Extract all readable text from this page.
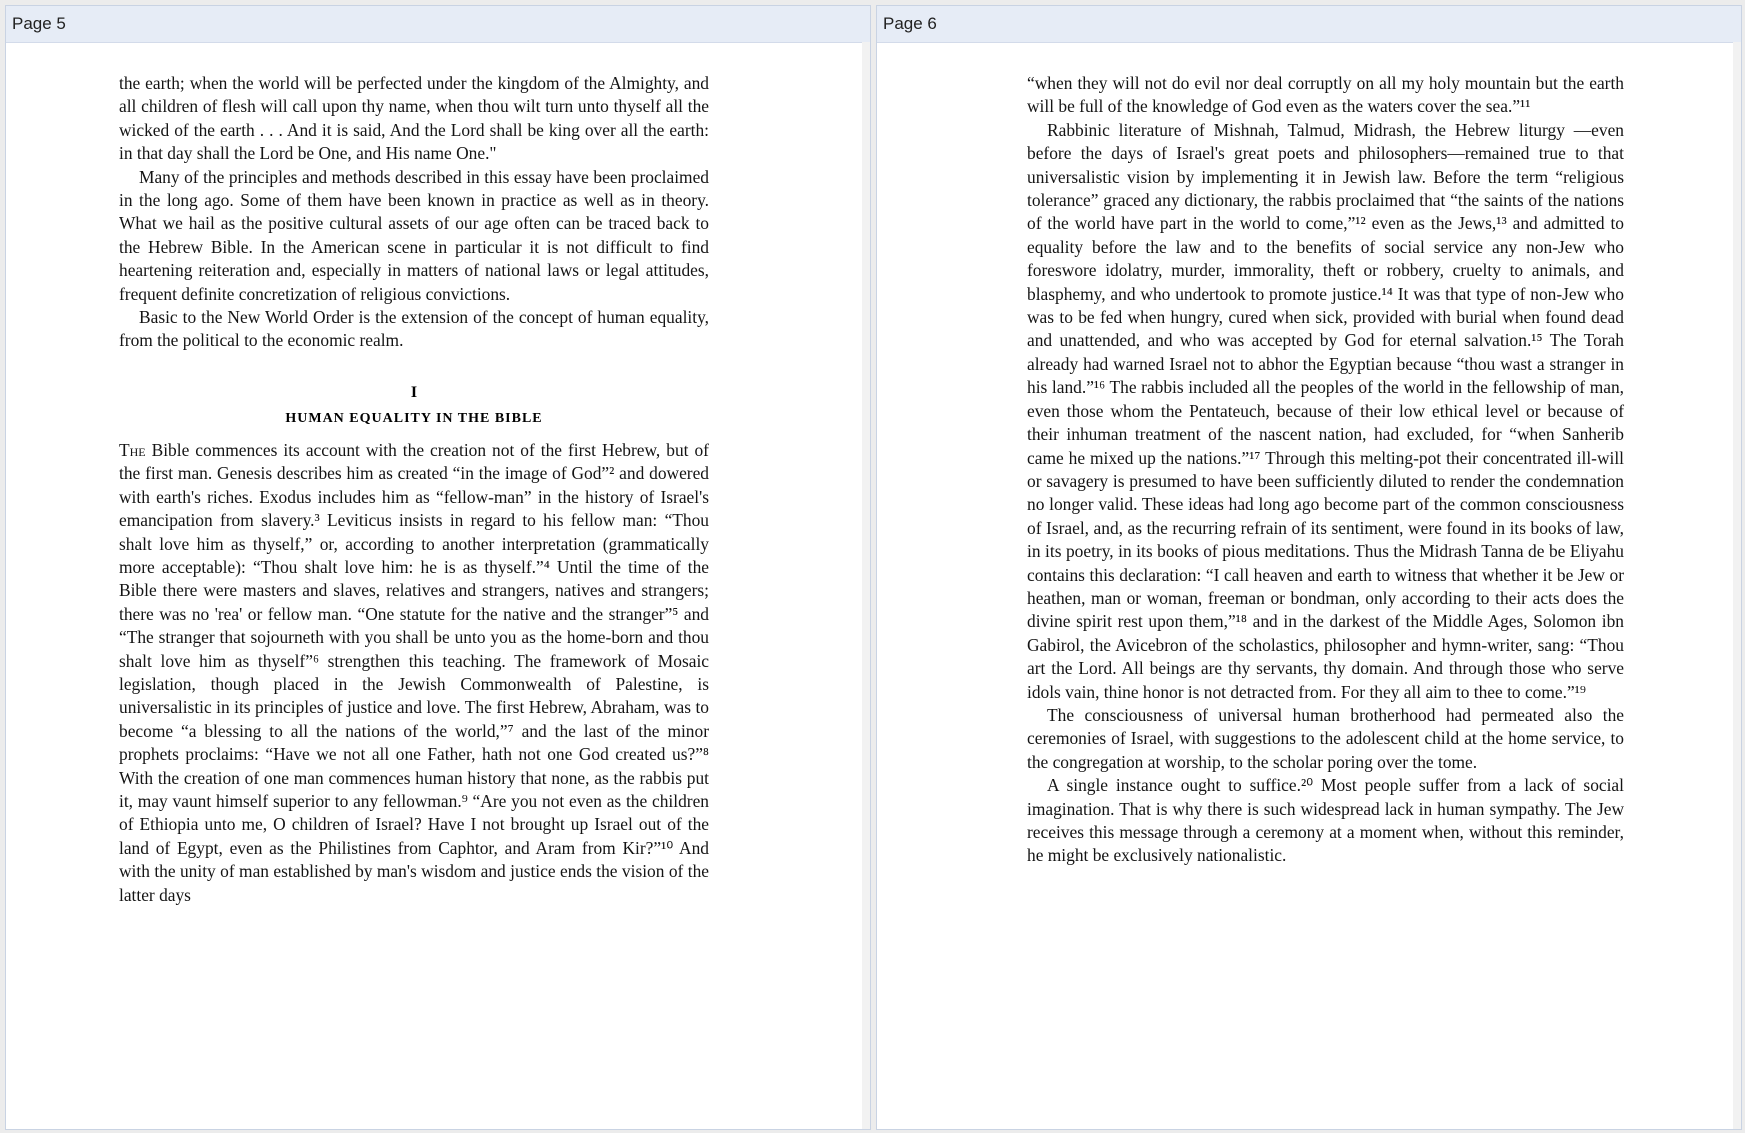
Page 5

the earth; when the world will be perfected under the kingdom of the Almighty, and all children of flesh will call upon thy name, when thou wilt turn unto thyself all the wicked of the earth . . . And it is said, And the Lord shall be king over all the earth: in that day shall the Lord be One, and His name One."

Many of the principles and methods described in this essay have been proclaimed in the long ago. Some of them have been known in practice as well as in theory. What we hail as the positive cultural assets of our age often can be traced back to the Hebrew Bible. In the American scene in particular it is not difficult to find heartening reiteration and, especially in matters of national laws or legal attitudes, frequent definite concretization of religious convictions.

Basic to the New World Order is the extension of the concept of human equality, from the political to the economic realm.

I
HUMAN EQUALITY IN THE BIBLE

The Bible commences its account with the creation not of the first Hebrew, but of the first man. Genesis describes him as created “in the image of God”² and dowered with earth's riches. Exodus includes him as “fellow-man” in the history of Israel's emancipation from slavery.³ Leviticus insists in regard to his fellow man: “Thou shalt love him as thyself,” or, according to another interpretation (grammatically more acceptable): “Thou shalt love him: he is as thyself.”⁴ Until the time of the Bible there were masters and slaves, relatives and strangers, natives and strangers; there was no 'rea' or fellow man. “One statute for the native and the stranger”⁵ and “The stranger that sojourneth with you shall be unto you as the home-born and thou shalt love him as thyself”⁶ strengthen this teaching. The framework of Mosaic legislation, though placed in the Jewish Commonwealth of Palestine, is universalistic in its principles of justice and love. The first Hebrew, Abraham, was to become “a blessing to all the nations of the world,”⁷ and the last of the minor prophets proclaims: “Have we not all one Father, hath not one God created us?”⁸ With the creation of one man commences human history that none, as the rabbis put it, may vaunt himself superior to any fellowman.⁹ “Are you not even as the children of Ethiopia unto me, O children of Israel? Have I not brought up Israel out of the land of Egypt, even as the Philistines from Caphtor, and Aram from Kir?”¹⁰ And with the unity of man established by man's wisdom and justice ends the vision of the latter days

Page 6

“when they will not do evil nor deal corruptly on all my holy mountain but the earth will be full of the knowledge of God even as the waters cover the sea.”¹¹

Rabbinic literature of Mishnah, Talmud, Midrash, the Hebrew liturgy —even before the days of Israel's great poets and philosophers—remained true to that universalistic vision by implementing it in Jewish law. Before the term “religious tolerance” graced any dictionary, the rabbis proclaimed that “the saints of the nations of the world have part in the world to come,”¹² even as the Jews,¹³ and admitted to equality before the law and to the benefits of social service any non-Jew who foreswore idolatry, murder, immorality, theft or robbery, cruelty to animals, and blasphemy, and who undertook to promote justice.¹⁴ It was that type of non-Jew who was to be fed when hungry, cured when sick, provided with burial when found dead and unattended, and who was accepted by God for eternal salvation.¹⁵ The Torah already had warned Israel not to abhor the Egyptian because “thou wast a stranger in his land.”¹⁶ The rabbis included all the peoples of the world in the fellowship of man, even those whom the Pentateuch, because of their low ethical level or because of their inhuman treatment of the nascent nation, had excluded, for “when Sanherib came he mixed up the nations.”¹⁷ Through this melting-pot their concentrated ill-will or savagery is presumed to have been sufficiently diluted to render the condemnation no longer valid. These ideas had long ago become part of the common consciousness of Israel, and, as the recurring refrain of its sentiment, were found in its books of law, in its poetry, in its books of pious meditations. Thus the Midrash Tanna de be Eliyahu contains this declaration: “I call heaven and earth to witness that whether it be Jew or heathen, man or woman, freeman or bondman, only according to their acts does the divine spirit rest upon them,”¹⁸ and in the darkest of the Middle Ages, Solomon ibn Gabirol, the Avicebron of the scholastics, philosopher and hymn-writer, sang: “Thou art the Lord. All beings are thy servants, thy domain. And through those who serve idols vain, thine honor is not detracted from. For they all aim to thee to come.”¹⁹

The consciousness of universal human brotherhood had permeated also the ceremonies of Israel, with suggestions to the adolescent child at the home service, to the congregation at worship, to the scholar poring over the tome.

A single instance ought to suffice.²⁰ Most people suffer from a lack of social imagination. That is why there is such widespread lack in human sympathy. The Jew receives this message through a ceremony at a moment when, without this reminder, he might be exclusively nationalistic.
